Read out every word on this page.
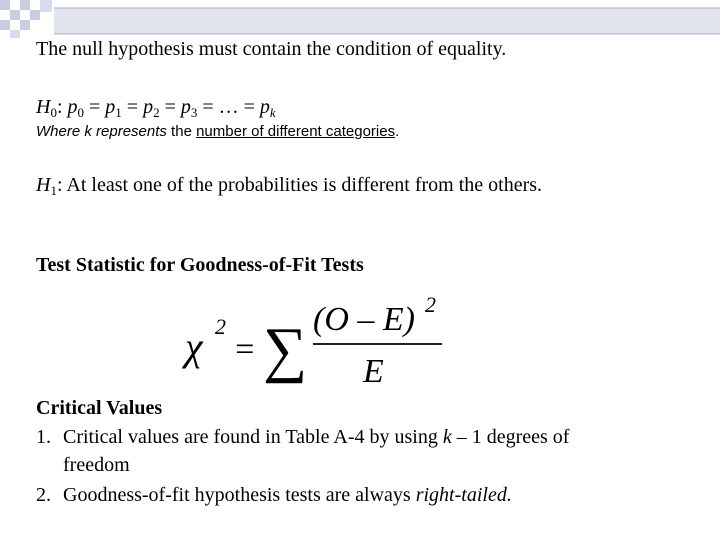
The null hypothesis must contain the condition of equality.
$H_0$: $p_0 = p_1 = p_2 = p_3$ = … = $p_k$
Where k represents the number of different categories.
$H_1$: At least one of the probabilities is different from the others.
Test Statistic for Goodness-of-Fit Tests
χ 2
= ∑ (O – E) 2
E
Critical Values
1. Critical values are found in Table A-4 by using k – 1 degrees of
freedom
2. Goodness-of-fit hypothesis tests are always right-tailed.
